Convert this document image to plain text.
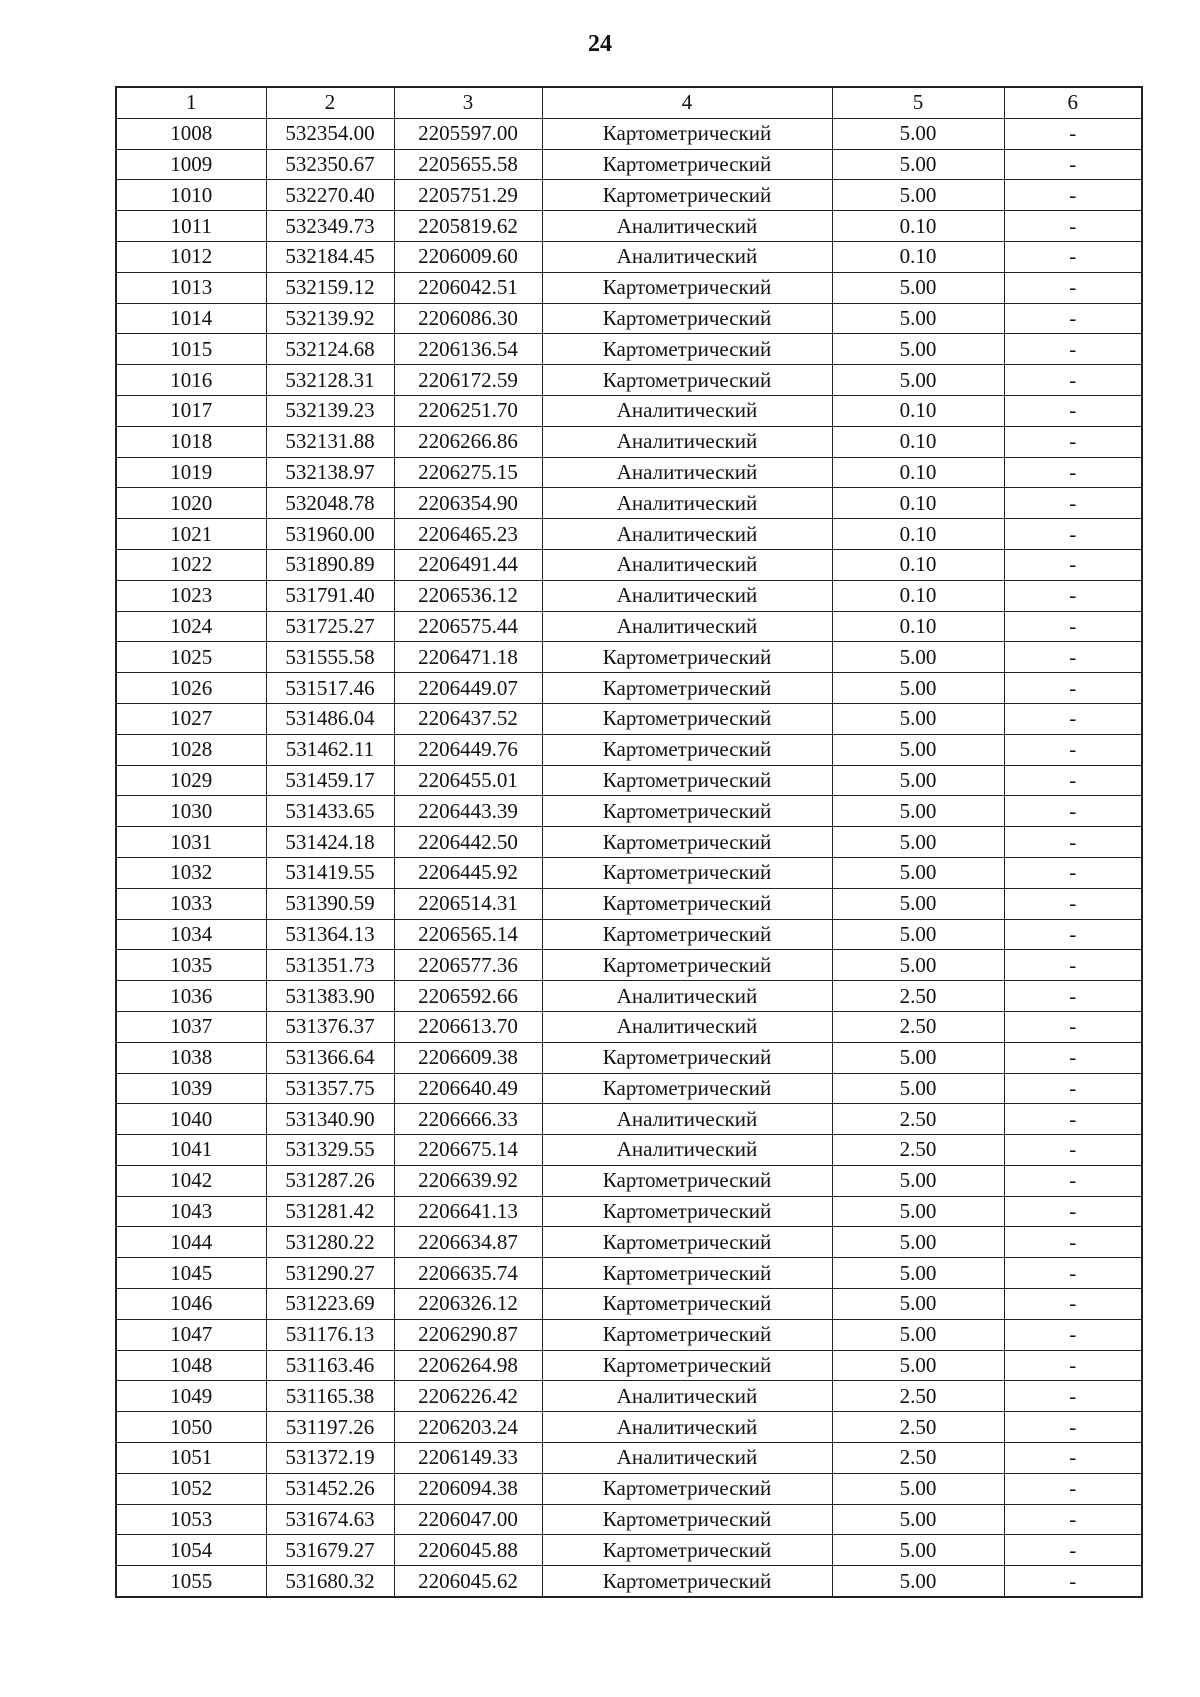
24
1	2	3	4	5	6
1008	532354.00	2205597.00	Картометрический	5.00	-
1009	532350.67	2205655.58	Картометрический	5.00	-
1010	532270.40	2205751.29	Картометрический	5.00	-
1011	532349.73	2205819.62	Аналитический	0.10	-
1012	532184.45	2206009.60	Аналитический	0.10	-
1013	532159.12	2206042.51	Картометрический	5.00	-
1014	532139.92	2206086.30	Картометрический	5.00	-
1015	532124.68	2206136.54	Картометрический	5.00	-
1016	532128.31	2206172.59	Картометрический	5.00	-
1017	532139.23	2206251.70	Аналитический	0.10	-
1018	532131.88	2206266.86	Аналитический	0.10	-
1019	532138.97	2206275.15	Аналитический	0.10	-
1020	532048.78	2206354.90	Аналитический	0.10	-
1021	531960.00	2206465.23	Аналитический	0.10	-
1022	531890.89	2206491.44	Аналитический	0.10	-
1023	531791.40	2206536.12	Аналитический	0.10	-
1024	531725.27	2206575.44	Аналитический	0.10	-
1025	531555.58	2206471.18	Картометрический	5.00	-
1026	531517.46	2206449.07	Картометрический	5.00	-
1027	531486.04	2206437.52	Картометрический	5.00	-
1028	531462.11	2206449.76	Картометрический	5.00	-
1029	531459.17	2206455.01	Картометрический	5.00	-
1030	531433.65	2206443.39	Картометрический	5.00	-
1031	531424.18	2206442.50	Картометрический	5.00	-
1032	531419.55	2206445.92	Картометрический	5.00	-
1033	531390.59	2206514.31	Картометрический	5.00	-
1034	531364.13	2206565.14	Картометрический	5.00	-
1035	531351.73	2206577.36	Картометрический	5.00	-
1036	531383.90	2206592.66	Аналитический	2.50	-
1037	531376.37	2206613.70	Аналитический	2.50	-
1038	531366.64	2206609.38	Картометрический	5.00	-
1039	531357.75	2206640.49	Картометрический	5.00	-
1040	531340.90	2206666.33	Аналитический	2.50	-
1041	531329.55	2206675.14	Аналитический	2.50	-
1042	531287.26	2206639.92	Картометрический	5.00	-
1043	531281.42	2206641.13	Картометрический	5.00	-
1044	531280.22	2206634.87	Картометрический	5.00	-
1045	531290.27	2206635.74	Картометрический	5.00	-
1046	531223.69	2206326.12	Картометрический	5.00	-
1047	531176.13	2206290.87	Картометрический	5.00	-
1048	531163.46	2206264.98	Картометрический	5.00	-
1049	531165.38	2206226.42	Аналитический	2.50	-
1050	531197.26	2206203.24	Аналитический	2.50	-
1051	531372.19	2206149.33	Аналитический	2.50	-
1052	531452.26	2206094.38	Картометрический	5.00	-
1053	531674.63	2206047.00	Картометрический	5.00	-
1054	531679.27	2206045.88	Картометрический	5.00	-
1055	531680.32	2206045.62	Картометрический	5.00	-
